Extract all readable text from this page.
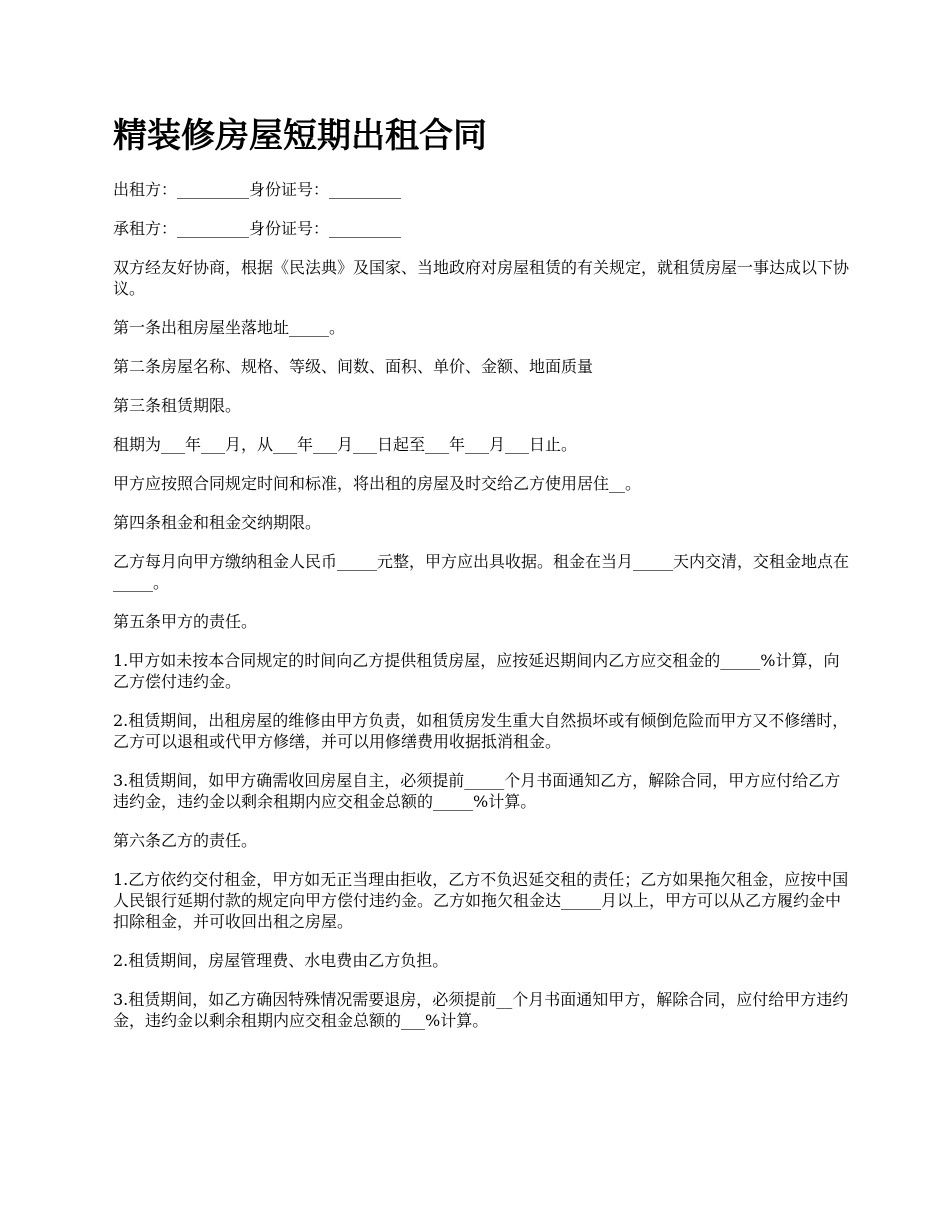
精装修房屋短期出租合同

出租方：_________身份证号：_________

承租方：_________身份证号：_________

双方经友好协商，根据《民法典》及国家、当地政府对房屋租赁的有关规定，就租赁房屋一事达成以下协议。

第一条出租房屋坐落地址_____。

第二条房屋名称、规格、等级、间数、面积、单价、金额、地面质量

第三条租赁期限。

租期为___年___月，从___年___月___日起至___年___月___日止。

甲方应按照合同规定时间和标准，将出租的房屋及时交给乙方使用居住__。

第四条租金和租金交纳期限。

乙方每月向甲方缴纳租金人民币_____元整，甲方应出具收据。租金在当月_____天内交清，交租金地点在_____。

第五条甲方的责任。

1.甲方如未按本合同规定的时间向乙方提供租赁房屋，应按延迟期间内乙方应交租金的_____%计算，向乙方偿付违约金。

2.租赁期间，出租房屋的维修由甲方负责，如租赁房发生重大自然损坏或有倾倒危险而甲方又不修缮时，乙方可以退租或代甲方修缮，并可以用修缮费用收据抵消租金。

3.租赁期间，如甲方确需收回房屋自主，必须提前_____个月书面通知乙方，解除合同，甲方应付给乙方违约金，违约金以剩余租期内应交租金总额的_____%计算。

第六条乙方的责任。

1.乙方依约交付租金，甲方如无正当理由拒收，乙方不负迟延交租的责任；乙方如果拖欠租金，应按中国人民银行延期付款的规定向甲方偿付违约金。乙方如拖欠租金达_____月以上，甲方可以从乙方履约金中扣除租金，并可收回出租之房屋。

2.租赁期间，房屋管理费、水电费由乙方负担。

3.租赁期间，如乙方确因特殊情况需要退房，必须提前__个月书面通知甲方，解除合同，应付给甲方违约金，违约金以剩余租期内应交租金总额的___%计算。
